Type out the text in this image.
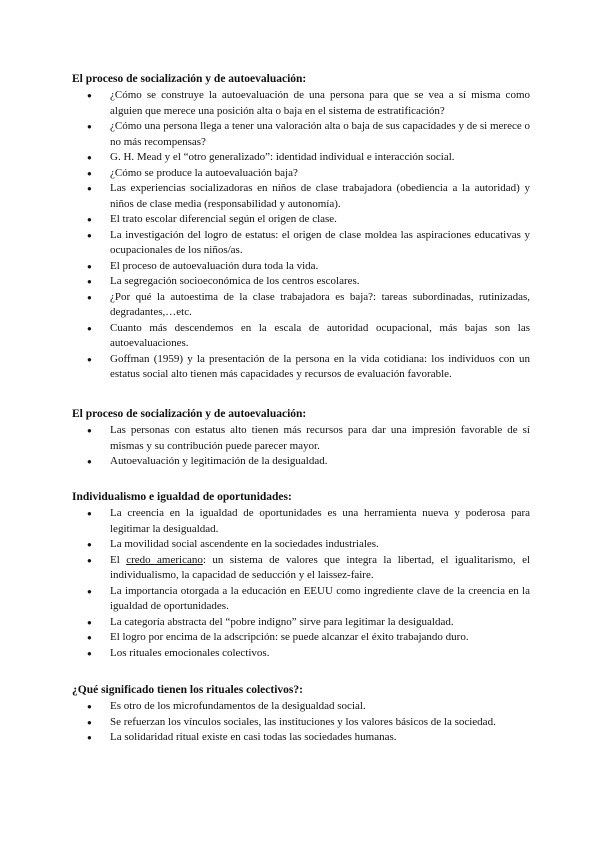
El proceso de socialización y de autoevaluación:
● ¿Cómo se construye la autoevaluación de una persona para que se vea a sí misma como alguien que merece una posición alta o baja en el sistema de estratificación?
● ¿Cómo una persona llega a tener una valoración alta o baja de sus capacidades y de si merece o no más recompensas?
● G. H. Mead y el “otro generalizado”: identidad individual e interacción social.
● ¿Cómo se produce la autoevaluación baja?
● Las experiencias socializadoras en niños de clase trabajadora (obediencia a la autoridad) y niños de clase media (responsabilidad y autonomía).
● El trato escolar diferencial según el origen de clase.
● La investigación del logro de estatus: el origen de clase moldea las aspiraciones educativas y ocupacionales de los niños/as.
● El proceso de autoevaluación dura toda la vida.
● La segregación socioeconómica de los centros escolares.
● ¿Por qué la autoestima de la clase trabajadora es baja?: tareas subordinadas, rutinizadas, degradantes,…etc.
● Cuanto más descendemos en la escala de autoridad ocupacional, más bajas son las autoevaluaciones.
● Goffman (1959) y la presentación de la persona en la vida cotidiana: los individuos con un estatus social alto tienen más capacidades y recursos de evaluación favorable.
El proceso de socialización y de autoevaluación:
● Las personas con estatus alto tienen más recursos para dar una impresión favorable de sí mismas y su contribución puede parecer mayor.
● Autoevaluación y legitimación de la desigualdad.
Individualismo e igualdad de oportunidades:
● La creencia en la igualdad de oportunidades es una herramienta nueva y poderosa para legitimar la desigualdad.
● La movilidad social ascendente en la sociedades industriales.
● El credo americano: un sistema de valores que integra la libertad, el igualitarismo, el individualismo, la capacidad de seducción y el laissez-faire.
● La importancia otorgada a la educación en EEUU como ingrediente clave de la creencia en la igualdad de oportunidades.
● La categoría abstracta del “pobre indigno” sirve para legitimar la desigualdad.
● El logro por encima de la adscripción: se puede alcanzar el éxito trabajando duro.
● Los rituales emocionales colectivos.
¿Qué significado tienen los rituales colectivos?:
● Es otro de los microfundamentos de la desigualdad social.
● Se refuerzan los vínculos sociales, las instituciones y los valores básicos de la sociedad.
● La solidaridad ritual existe en casi todas las sociedades humanas.
